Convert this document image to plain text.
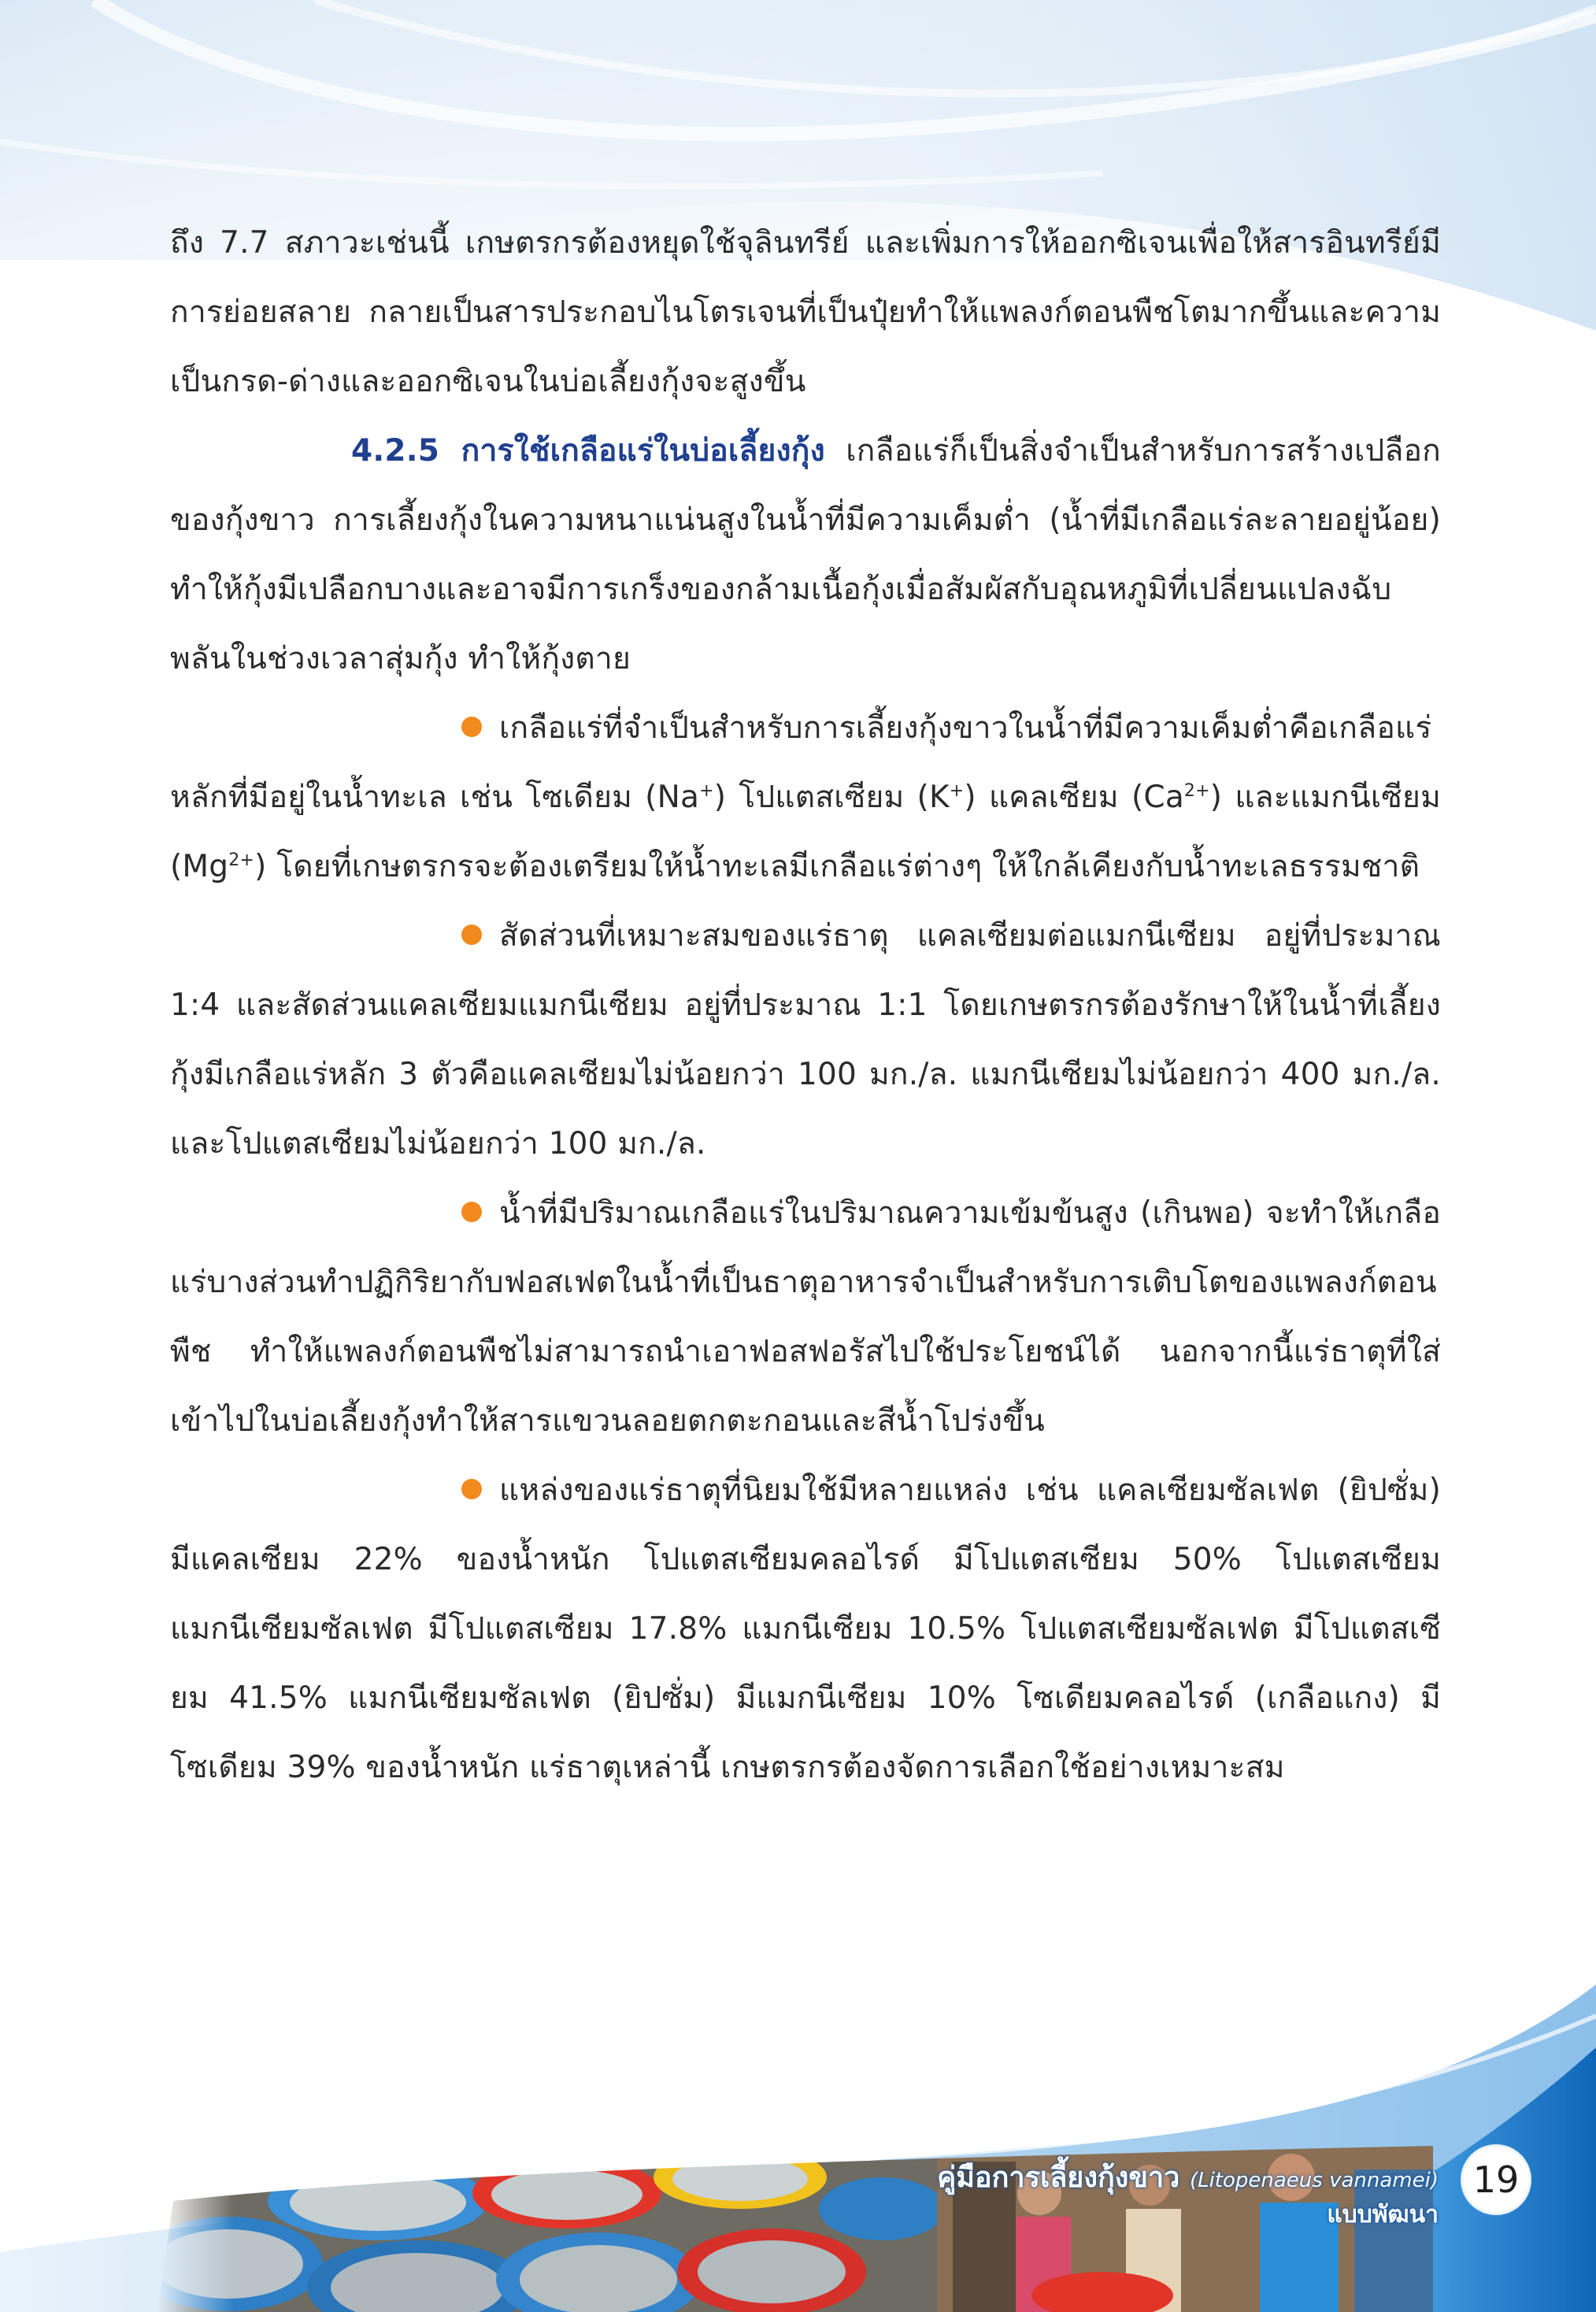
ถึง 7.7 สภาวะเช่นนี้ เกษตรกรต้องหยุดใช้จุลินทรีย์ และเพิ่มการให้ออกซิเจนเพื่อให้สารอินทรีย์มีการย่อยสลาย กลายเป็นสารประกอบไนโตรเจนที่เป็นปุ๋ยทำให้แพลงก์ตอนพืชโตมากขึ้นและความเป็นกรด-ด่างและออกซิเจนในบ่อเลี้ยงกุ้งจะสูงขึ้น

4.2.5 การใช้เกลือแร่ในบ่อเลี้ยงกุ้ง เกลือแร่ก็เป็นสิ่งจำเป็นสำหรับการสร้างเปลือกของกุ้งขาว การเลี้ยงกุ้งในความหนาแน่นสูงในน้ำที่มีความเค็มต่ำ (น้ำที่มีเกลือแร่ละลายอยู่น้อย) ทำให้กุ้งมีเปลือกบางและอาจมีการเกร็งของกล้ามเนื้อกุ้งเมื่อสัมผัสกับอุณหภูมิที่เปลี่ยนแปลงฉับพลันในช่วงเวลาสุ่มกุ้ง ทำให้กุ้งตาย

เกลือแร่ที่จำเป็นสำหรับการเลี้ยงกุ้งขาวในน้ำที่มีความเค็มต่ำคือเกลือแร่หลักที่มีอยู่ในน้ำทะเล เช่น โซเดียม (Na+) โปแตสเซียม (K+) แคลเซียม $(Ca^{2+})$ และแมกนีเซียม $(Mg^{2+})$ โดยที่เกษตรกรจะต้องเตรียมให้น้ำทะเลมีเกลือแร่ต่างๆ ให้ใกล้เคียงกับน้ำทะเลธรรมชาติ

สัดส่วนที่เหมาะสมของแร่ธาตุ แคลเซียมต่อแมกนีเซียม อยู่ที่ประมาณ 1:4 และสัดส่วนแคลเซียมแมกนีเซียม อยู่ที่ประมาณ 1:1 โดยเกษตรกรต้องรักษาให้ในน้ำที่เลี้ยงกุ้งมีเกลือแร่หลัก 3 ตัวคือแคลเซียมไม่น้อยกว่า 100 มก./ล. แมกนีเซียมไม่น้อยกว่า 400 มก./ล. และโปแตสเซียมไม่น้อยกว่า 100 มก./ล.

น้ำที่มีปริมาณเกลือแร่ในปริมาณความเข้มข้นสูง (เกินพอ) จะทำให้เกลือแร่บางส่วนทำปฏิกิริยากับฟอสเฟตในน้ำที่เป็นธาตุอาหารจำเป็นสำหรับการเติบโตของแพลงก์ตอนพืช ทำให้แพลงก์ตอนพืชไม่สามารถนำเอาฟอสฟอรัสไปใช้ประโยชน์ได้ นอกจากนี้แร่ธาตุที่ใส่เข้าไปในบ่อเลี้ยงกุ้งทำให้สารแขวนลอยตกตะกอนและสีน้ำโปร่งขึ้น

แหล่งของแร่ธาตุที่นิยมใช้มีหลายแหล่ง เช่น แคลเซียมซัลเฟต (ยิปซั่ม) มีแคลเซียม 22% ของน้ำหนัก โปแตสเซียมคลอไรด์ มีโปแตสเซียม 50% โปแตสเซียมแมกนีเซียมซัลเฟต มีโปแตสเซียม 17.8% แมกนีเซียม 10.5% โปแตสเซียมซัลเฟต มีโปแตสเซียม 41.5% แมกนีเซียมซัลเฟต (ยิปซั่ม) มีแมกนีเซียม 10% โซเดียมคลอไรด์ (เกลือแกง) มีโซเดียม 39% ของน้ำหนัก แร่ธาตุเหล่านี้ เกษตรกรต้องจัดการเลือกใช้อย่างเหมาะสม

คู่มือการเลี้ยงกุ้งขาว (Litopenaeus vannamei)
แบบพัฒนา
19
